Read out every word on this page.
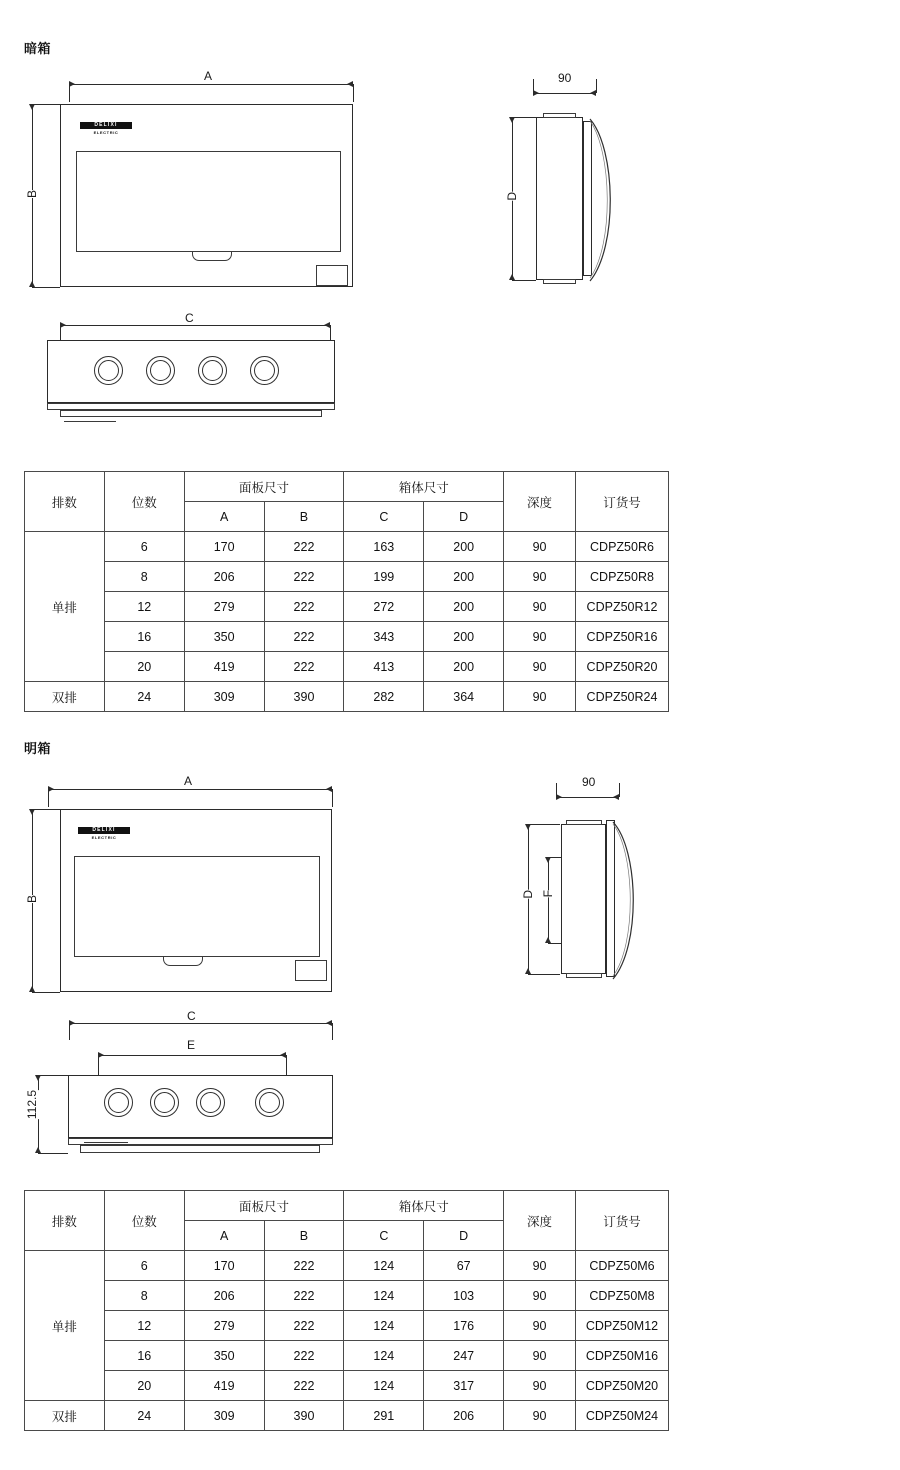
暗箱
A
B
DELIXI
ELECTRIC
90
D
C
排数	位数	面板尺寸		箱体尺寸		深度	订货号
		A	B	C	D		
单排	6	170	222	163	200	90	CDPZ50R6
	8	206	222	199	200	90	CDPZ50R8
	12	279	222	272	200	90	CDPZ50R12
	16	350	222	343	200	90	CDPZ50R16
	20	419	222	413	200	90	CDPZ50R20
双排	24	309	390	282	364	90	CDPZ50R24
明箱
A
B
DELIXI
ELECTRIC
90
D F
C
E
112.5
排数	位数	面板尺寸		箱体尺寸		深度	订货号
		A	B	C	D		
单排	6	170	222	124	67	90	CDPZ50M6
	8	206	222	124	103	90	CDPZ50M8
	12	279	222	124	176	90	CDPZ50M12
	16	350	222	124	247	90	CDPZ50M16
	20	419	222	124	317	90	CDPZ50M20
双排	24	309	390	291	206	90	CDPZ50M24
